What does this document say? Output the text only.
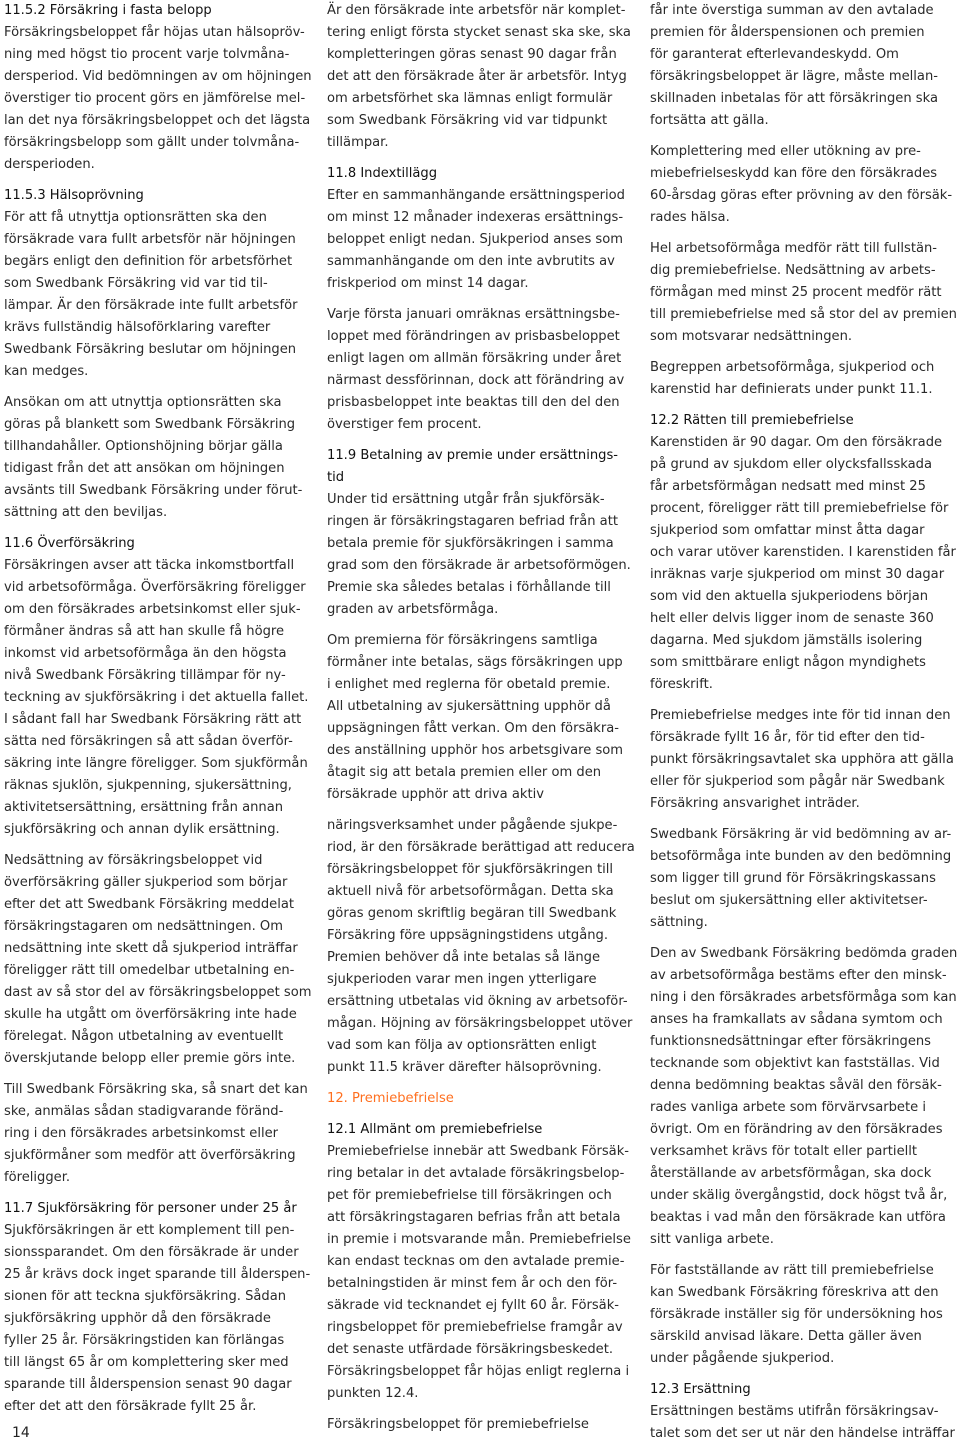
11.5.2 Försäkring i fasta belopp
Försäkringsbeloppet får höjas utan hälsopröv-
ning med högst tio procent varje tolvmåna-
dersperiod. Vid bedömningen av om höjningen
överstiger tio procent görs en jämförelse mel-
lan det nya försäkringsbeloppet och det lägsta
försäkringsbelopp som gällt under tolvmåna-
dersperioden.
11.5.3 Hälsoprövning
För att få utnyttja optionsrätten ska den
försäkrade vara fullt arbetsför när höjningen
begärs enligt den definition för arbetsförhet
som Swedbank Försäkring vid var tid til-
lämpar. Är den försäkrade inte fullt arbetsför
krävs fullständig hälsoförklaring varefter
Swedbank Försäkring beslutar om höjningen
kan medges.
Ansökan om att utnyttja optionsrätten ska
göras på blankett som Swedbank Försäkring
tillhandahåller. Optionshöjning börjar gälla
tidigast från det att ansökan om höjningen
avsänts till Swedbank Försäkring under förut-
sättning att den beviljas.
11.6 Överförsäkring
Försäkringen avser att täcka inkomstbortfall
vid arbetsoförmåga. Överförsäkring föreligger
om den försäkrades arbetsinkomst eller sjuk-
förmåner ändras så att han skulle få högre
inkomst vid arbetsoförmåga än den högsta
nivå Swedbank Försäkring tillämpar för ny-
teckning av sjukförsäkring i det aktuella fallet.
I sådant fall har Swedbank Försäkring rätt att
sätta ned försäkringen så att sådan överför-
säkring inte längre föreligger. Som sjukförmån
räknas sjuklön, sjukpenning, sjukersättning,
aktivitetsersättning, ersättning från annan
sjukförsäkring och annan dylik ersättning.
Nedsättning av försäkringsbeloppet vid
överförsäkring gäller sjukperiod som börjar
efter det att Swedbank Försäkring meddelat
försäkringstagaren om nedsättningen. Om
nedsättning inte skett då sjukperiod inträffar
föreligger rätt till omedelbar utbetalning en-
dast av så stor del av försäkringsbeloppet som
skulle ha utgått om överförsäkring inte hade
förelegat. Någon utbetalning av eventuellt
överskjutande belopp eller premie görs inte.
Till Swedbank Försäkring ska, så snart det kan
ske, anmälas sådan stadigvarande föränd-
ring i den försäkrades arbetsinkomst eller
sjukförmåner som medför att överförsäkring
föreligger.
11.7 Sjukförsäkring för personer under 25 år
Sjukförsäkringen är ett komplement till pen-
sionssparandet. Om den försäkrade är under
25 år krävs dock inget sparande till ålderspen-
sionen för att teckna sjukförsäkring. Sådan
sjukförsäkring upphör då den försäkrade
fyller 25 år. Försäkringstiden kan förlängas
till längst 65 år om komplettering sker med
sparande till ålderspension senast 90 dagar
efter det att den försäkrade fyllt 25 år.
Är den försäkrade inte arbetsför när komplet-
tering enligt första stycket senast ska ske, ska
kompletteringen göras senast 90 dagar från
det att den försäkrade åter är arbetsför. Intyg
om arbetsförhet ska lämnas enligt formulär
som Swedbank Försäkring vid var tidpunkt
tillämpar.
11.8 Indextillägg
Efter en sammanhängande ersättningsperiod
om minst 12 månader indexeras ersättnings-
beloppet enligt nedan. Sjukperiod anses som
sammanhängande om den inte avbrutits av
friskperiod om minst 14 dagar.
Varje första januari omräknas ersättningsbe-
loppet med förändringen av prisbasbeloppet
enligt lagen om allmän försäkring under året
närmast dessförinnan, dock att förändring av
prisbasbeloppet inte beaktas till den del den
överstiger fem procent.
11.9 Betalning av premie under ersättnings-
tid
Under tid ersättning utgår från sjukförsäk-
ringen är försäkringstagaren befriad från att
betala premie för sjukförsäkringen i samma
grad som den försäkrade är arbetsoförmögen.
Premie ska således betalas i förhållande till
graden av arbetsförmåga.
Om premierna för försäkringens samtliga
förmåner inte betalas, sägs försäkringen upp
i enlighet med reglerna för obetald premie.
All utbetalning av sjukersättning upphör då
uppsägningen fått verkan. Om den försäkra-
des anställning upphör hos arbetsgivare som
åtagit sig att betala premien eller om den
försäkrade upphör att driva aktiv
näringsverksamhet under pågående sjukpe-
riod, är den försäkrade berättigad att reducera
försäkringsbeloppet för sjukförsäkringen till
aktuell nivå för arbetsoförmågan. Detta ska
göras genom skriftlig begäran till Swedbank
Försäkring före uppsägningstidens utgång.
Premien behöver då inte betalas så länge
sjukperioden varar men ingen ytterligare
ersättning utbetalas vid ökning av arbetsoför-
mågan. Höjning av försäkringsbeloppet utöver
vad som kan följa av optionsrätten enligt
punkt 11.5 kräver därefter hälsoprövning.
12. Premiebefrielse
12.1 Allmänt om premiebefrielse
Premiebefrielse innebär att Swedbank Försäk-
ring betalar in det avtalade försäkringsbelop-
pet för premiebefrielse till försäkringen och
att försäkringstagaren befrias från att betala
in premie i motsvarande mån. Premiebefrielse
kan endast tecknas om den avtalade premie-
betalningstiden är minst fem år och den för-
säkrade vid tecknandet ej fyllt 60 år. Försäk-
ringsbeloppet för premiebefrielse framgår av
det senaste utfärdade försäkringsbeskedet.
Försäkringsbeloppet får höjas enligt reglerna i
punkten 12.4.
Försäkringsbeloppet för premiebefrielse
får inte överstiga summan av den avtalade
premien för ålderspensionen och premien
för garanterat efterlevandeskydd. Om
försäkringsbeloppet är lägre, måste mellan-
skillnaden inbetalas för att försäkringen ska
fortsätta att gälla.
Komplettering med eller utökning av pre-
miebefrielseskydd kan före den försäkrades
60-årsdag göras efter prövning av den försäk-
rades hälsa.
Hel arbetsoförmåga medför rätt till fullstän-
dig premiebefrielse. Nedsättning av arbets-
förmågan med minst 25 procent medför rätt
till premiebefrielse med så stor del av premien
som motsvarar nedsättningen.
Begreppen arbetsoförmåga, sjukperiod och
karenstid har definierats under punkt 11.1.
12.2 Rätten till premiebefrielse
Karenstiden är 90 dagar. Om den försäkrade
på grund av sjukdom eller olycksfallsskada
får arbetsförmågan nedsatt med minst 25
procent, föreligger rätt till premiebefrielse för
sjukperiod som omfattar minst åtta dagar
och varar utöver karenstiden. I karenstiden får
inräknas varje sjukperiod om minst 30 dagar
som vid den aktuella sjukperiodens början
helt eller delvis ligger inom de senaste 360
dagarna. Med sjukdom jämställs isolering
som smittbärare enligt någon myndighets
föreskrift.
Premiebefrielse medges inte för tid innan den
försäkrade fyllt 16 år, för tid efter den tid-
punkt försäkringsavtalet ska upphöra att gälla
eller för sjukperiod som pågår när Swedbank
Försäkring ansvarighet inträder.
Swedbank Försäkring är vid bedömning av ar-
betsoförmåga inte bunden av den bedömning
som ligger till grund för Försäkringskassans
beslut om sjukersättning eller aktivitetser-
sättning.
Den av Swedbank Försäkring bedömda graden
av arbetsoförmåga bestäms efter den minsk-
ning i den försäkrades arbetsförmåga som kan
anses ha framkallats av sådana symtom och
funktionsnedsättningar efter försäkringens
tecknande som objektivt kan fastställas. Vid
denna bedömning beaktas såväl den försäk-
rades vanliga arbete som förvärvsarbete i
övrigt. Om en förändring av den försäkrades
verksamhet krävs för totalt eller partiellt
återställande av arbetsförmågan, ska dock
under skälig övergångstid, dock högst två år,
beaktas i vad mån den försäkrade kan utföra
sitt vanliga arbete.
För fastställande av rätt till premiebefrielse
kan Swedbank Försäkring föreskriva att den
försäkrade inställer sig för undersökning hos
särskild anvisad läkare. Detta gäller även
under pågående sjukperiod.
12.3 Ersättning
Ersättningen bestäms utifrån försäkringsav-
talet som det ser ut när den händelse inträffar
14
